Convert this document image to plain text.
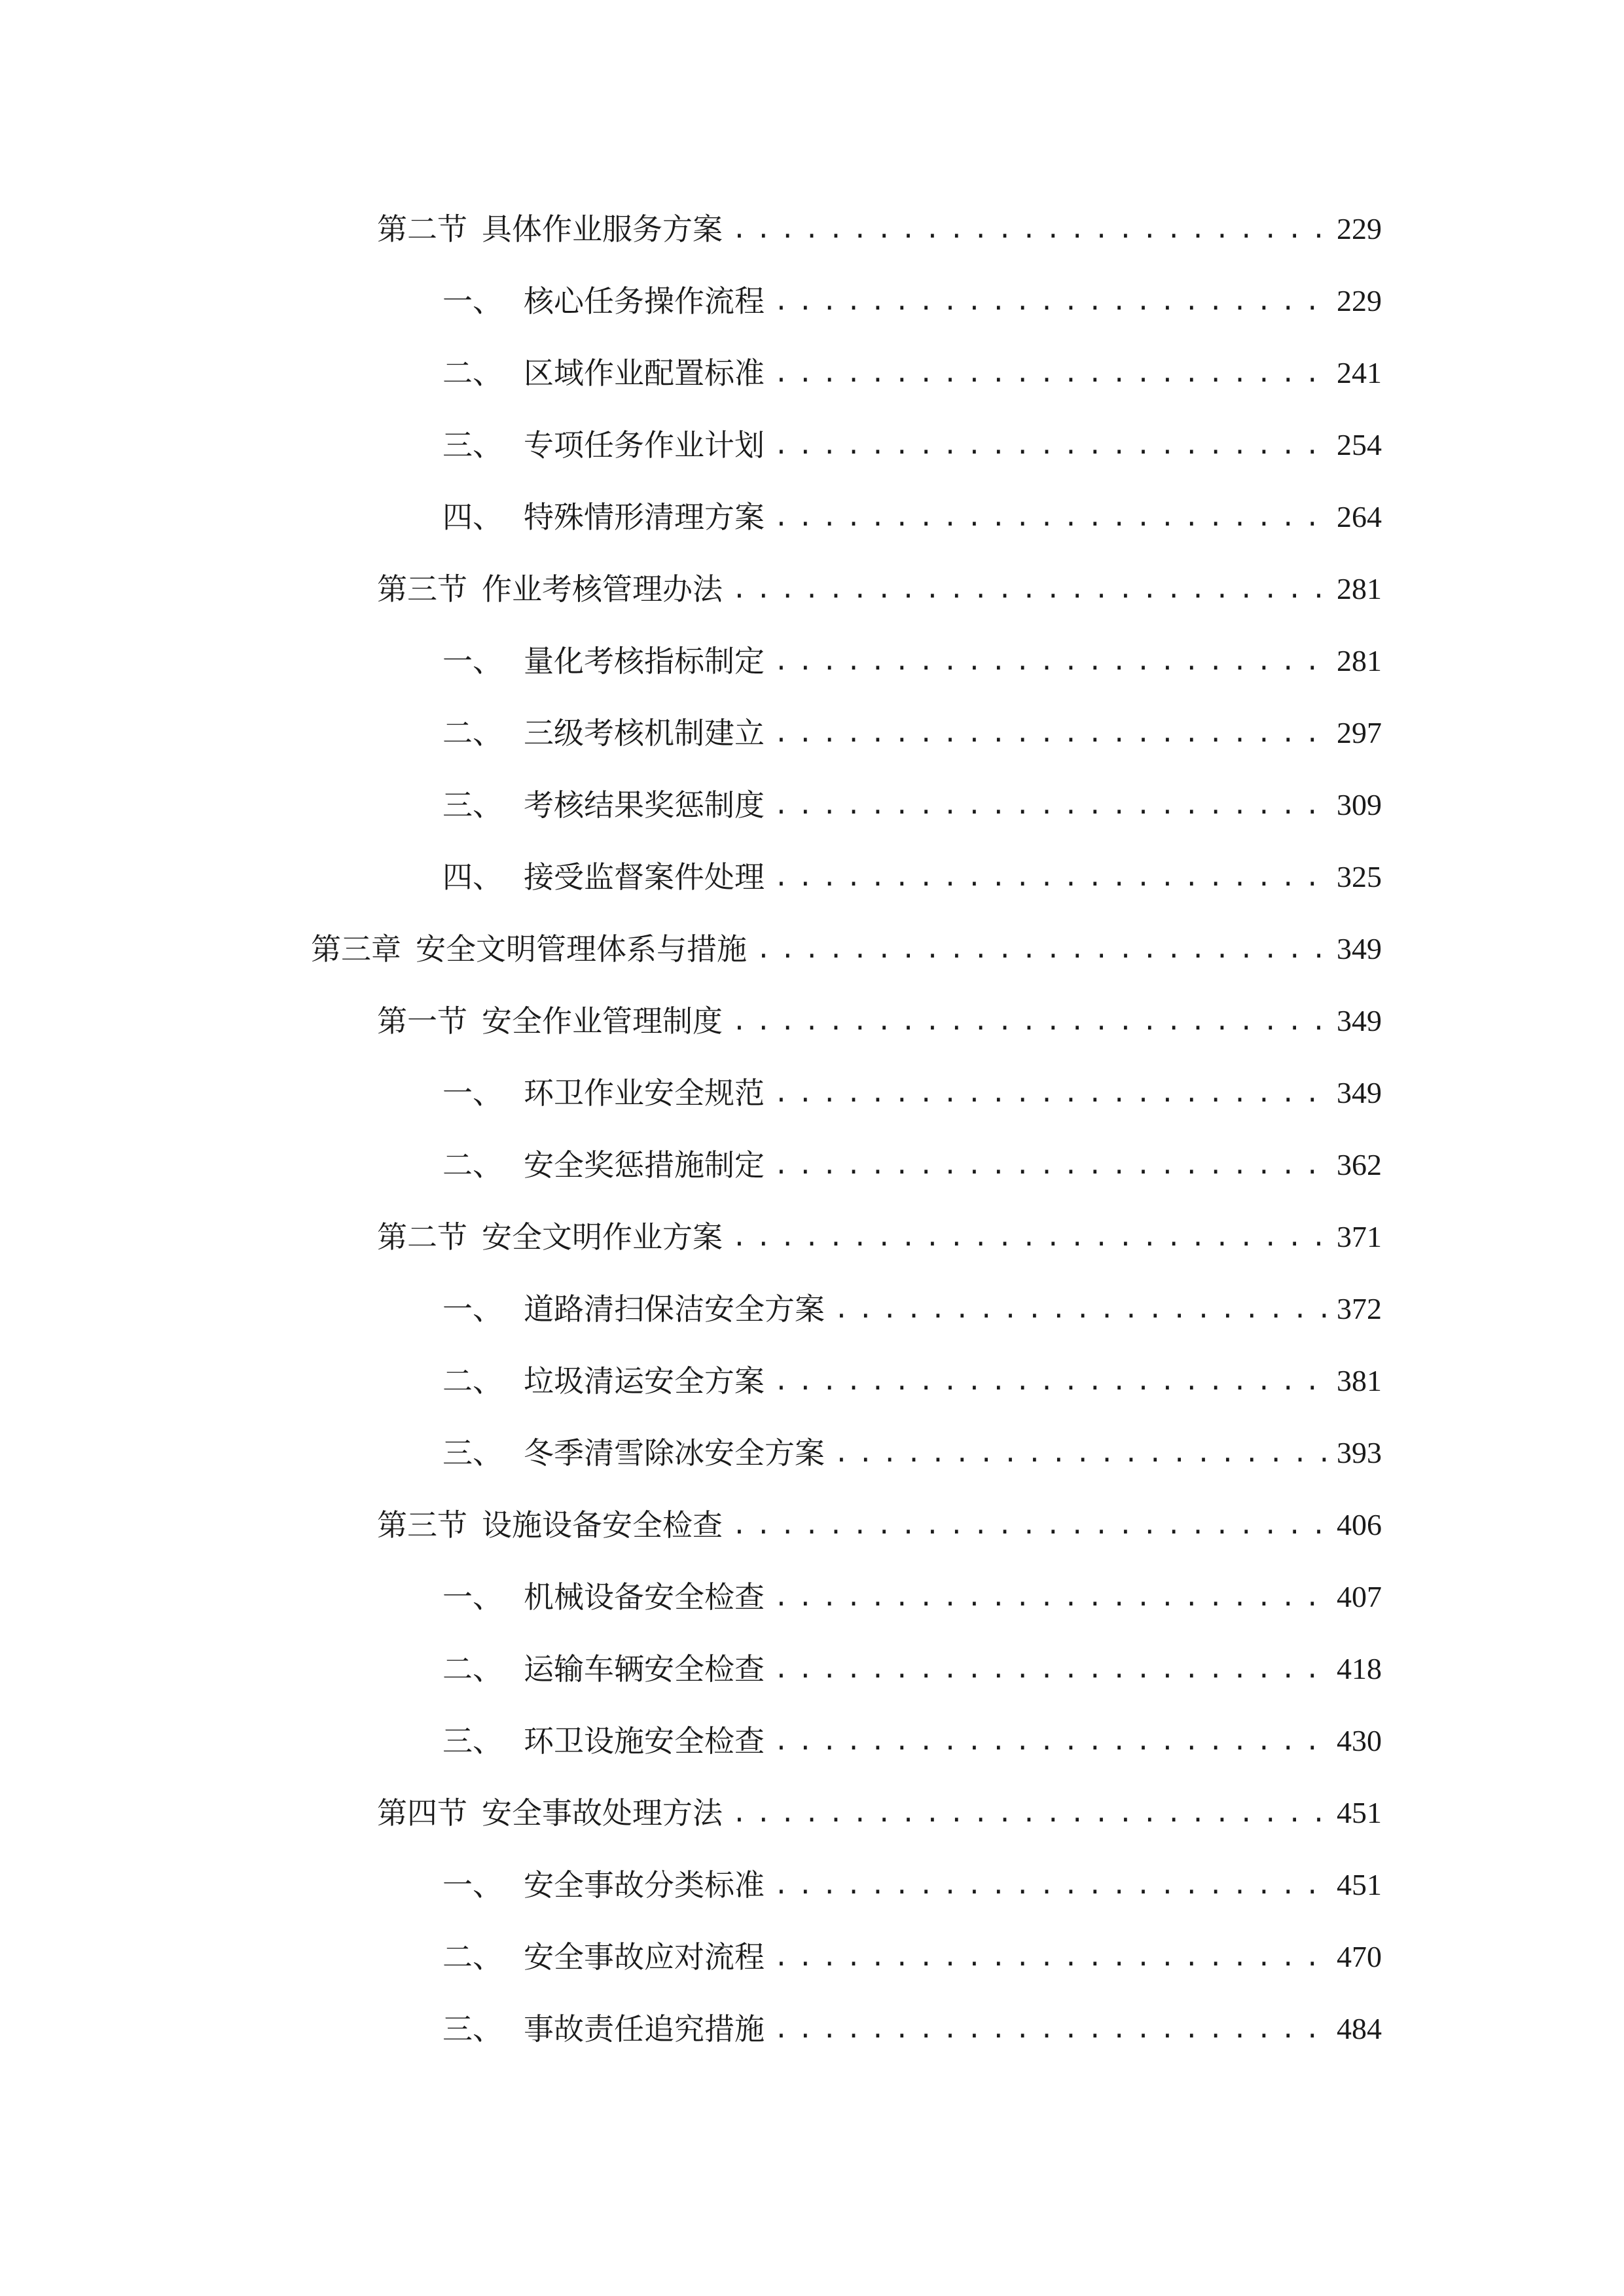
第二节 具体作业服务方案 .....	229
一、 核心任务操作流程 .....	229
二、 区域作业配置标准 .....	241
三、 专项任务作业计划 .....	254
四、 特殊情形清理方案 .....	264
第三节 作业考核管理办法 .....	281
一、 量化考核指标制定 .....	281
二、 三级考核机制建立 .....	297
三、 考核结果奖惩制度 .....	309
四、 接受监督案件处理 .....	325
第三章 安全文明管理体系与措施 .....	349
第一节 安全作业管理制度 .....	349
一、 环卫作业安全规范 .....	349
二、 安全奖惩措施制定 .....	362
第二节 安全文明作业方案 .....	371
一、 道路清扫保洁安全方案 .....	372
二、 垃圾清运安全方案 .....	381
三、 冬季清雪除冰安全方案 .....	393
第三节 设施设备安全检查 .....	406
一、 机械设备安全检查 .....	407
二、 运输车辆安全检查 .....	418
三、 环卫设施安全检查 .....	430
第四节 安全事故处理方法 .....	451
一、 安全事故分类标准 .....	451
二、 安全事故应对流程 .....	470
三、 事故责任追究措施 .....	484
